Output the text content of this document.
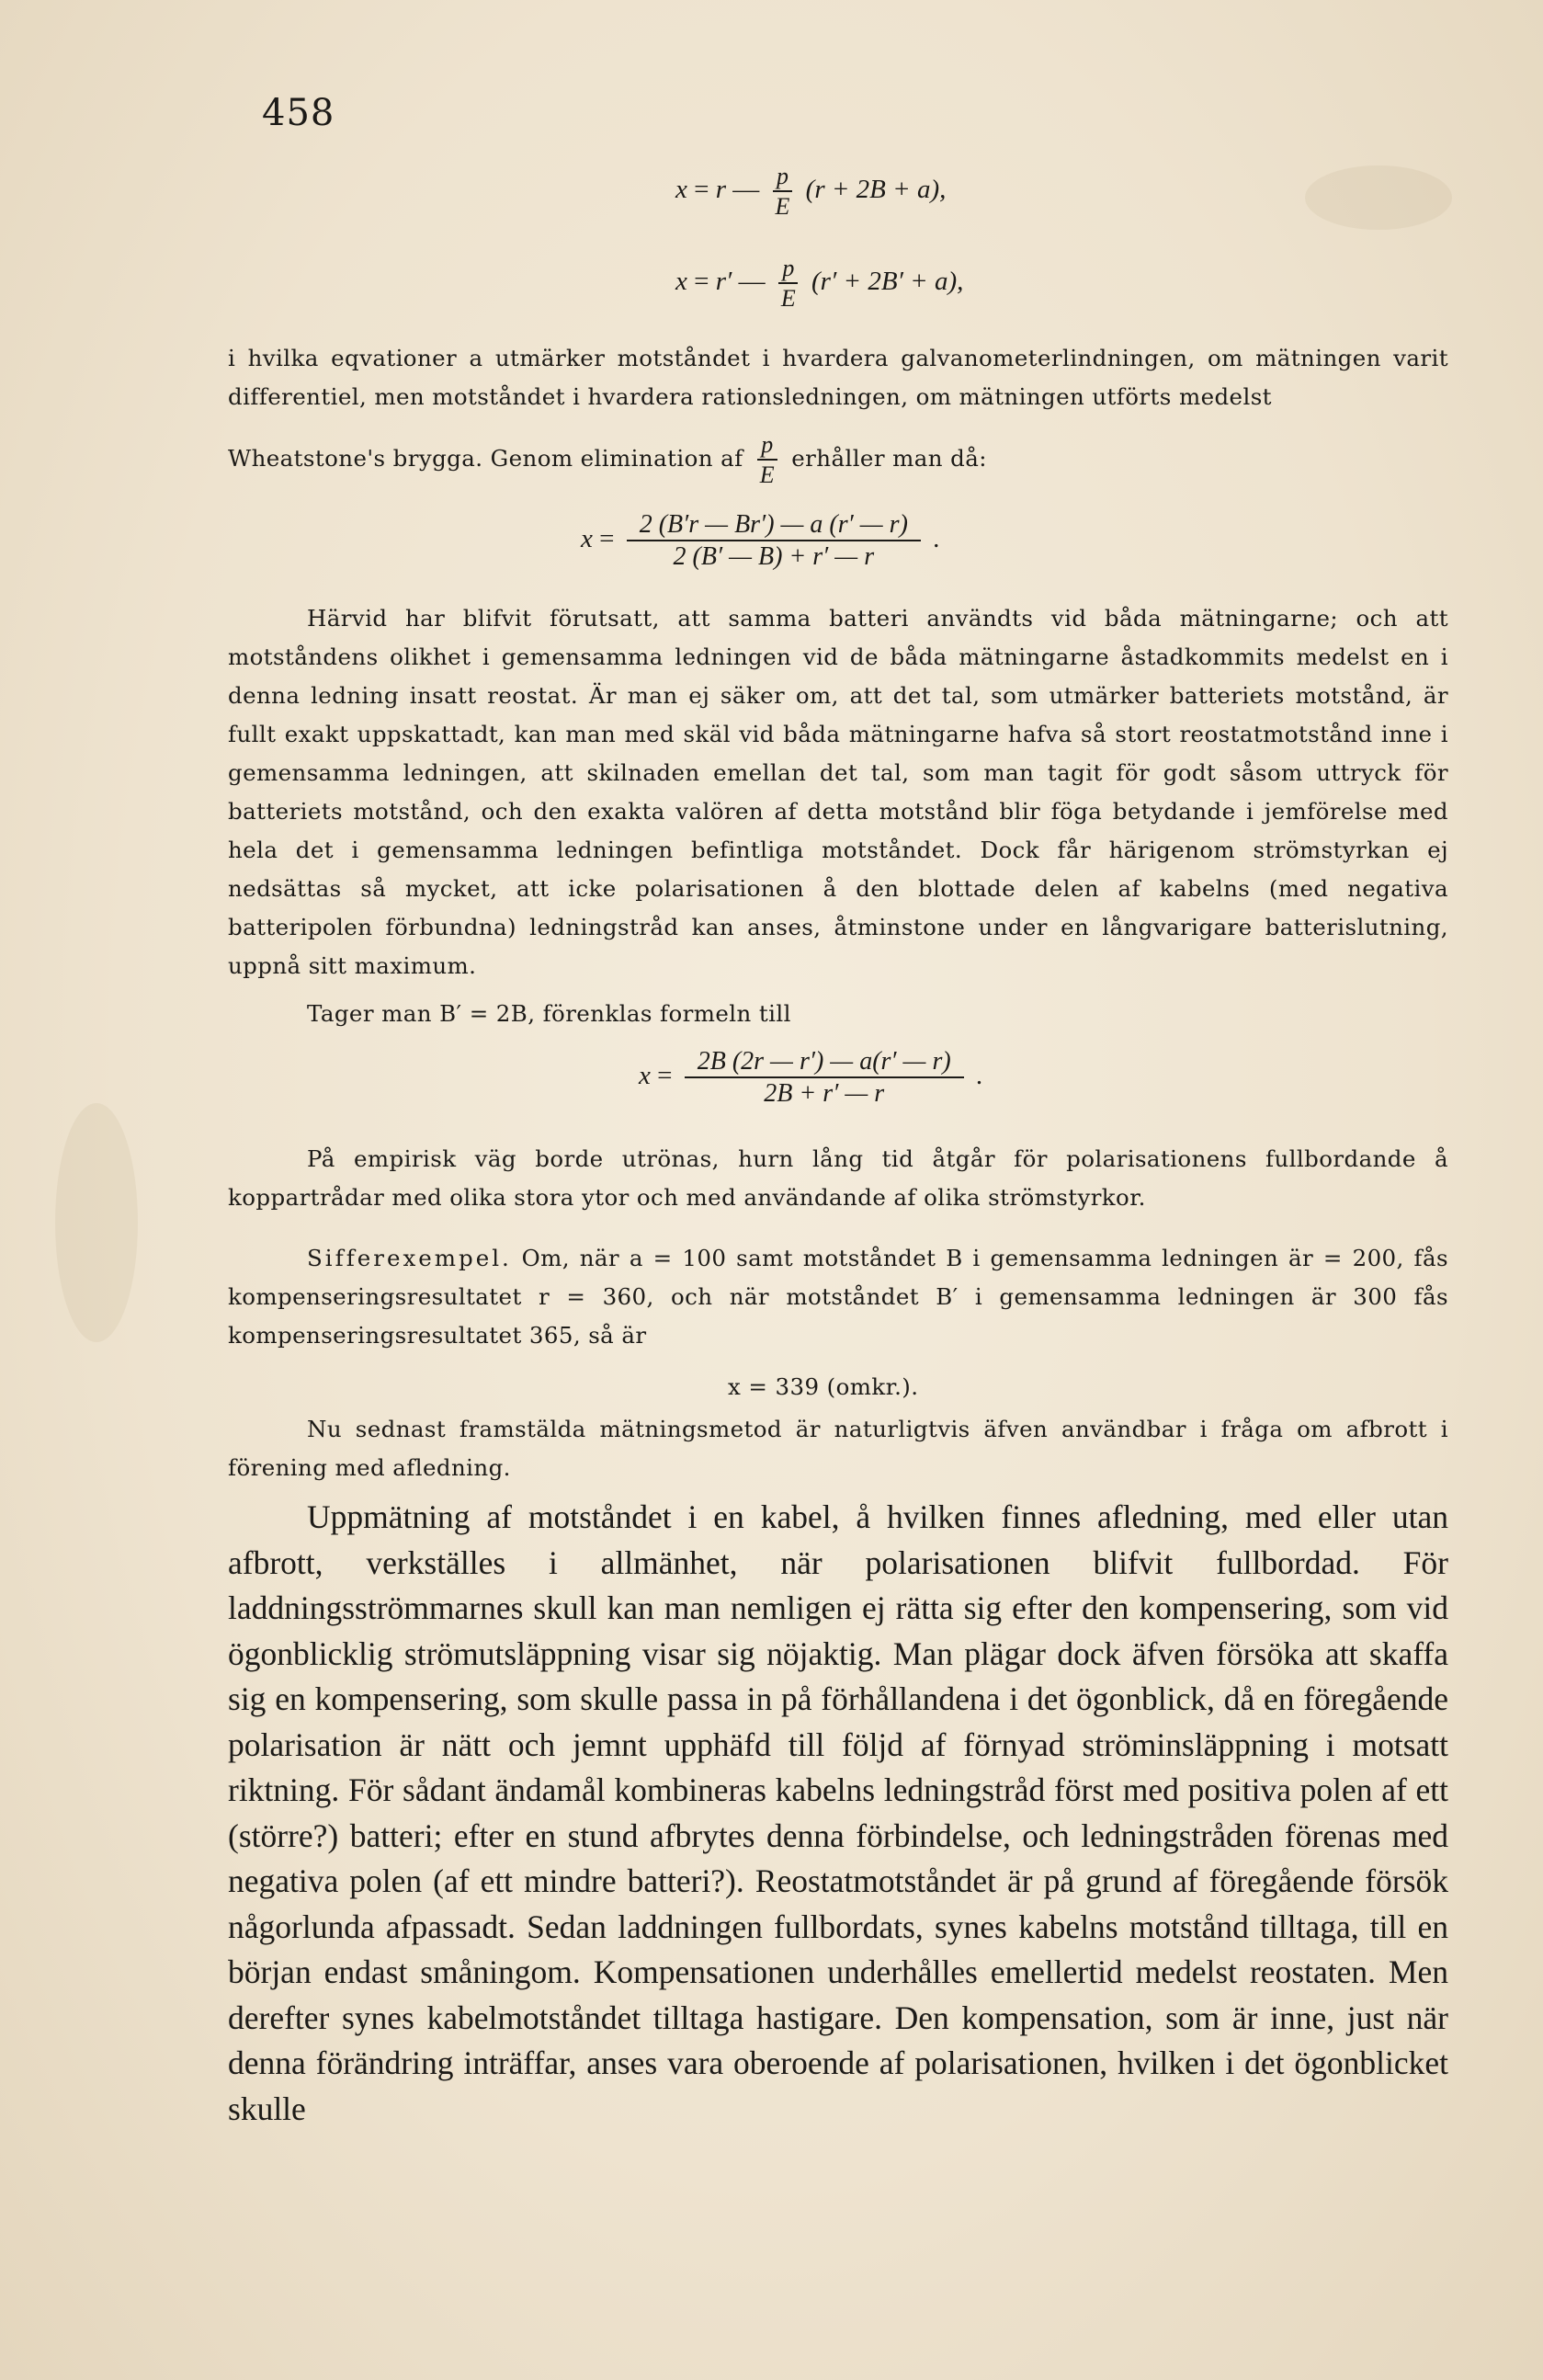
458
x = r — $\frac{p}{E} (r + 2B + a)$,
x = r′ — $\frac{p}{E} (r' + 2B' + a)$,

i hvilka eqvationer a utmärker motståndet i hvardera galvanometerlindningen, om mätningen varit differentiel, men motståndet i hvardera rationsledningen, om mätningen utförts medelst

Wheatstone's brygga. Genom elimination af $\frac{p}{E}$ erhåller man då:
$x = \frac{2 (B'r — Br') — a (r' — r)}{2 (B' — B) + r' — r}$ .

Härvid har blifvit förutsatt, att samma batteri användts vid båda mätningarne; och att motståndens olikhet i gemensamma ledningen vid de båda mätningarne åstadkommits medelst en i denna ledning insatt reostat. Är man ej säker om, att det tal, som utmärker batteriets motstånd, är fullt exakt uppskattadt, kan man med skäl vid båda mätningarne hafva så stort reostatmotstånd inne i gemensamma ledningen, att skilnaden emellan det tal, som man tagit för godt såsom uttryck för batteriets motstånd, och den exakta valören af detta motstånd blir föga betydande i jemförelse med hela det i gemensamma ledningen befintliga motståndet. Dock får härigenom strömstyrkan ej nedsättas så mycket, att icke polarisationen å den blottade delen af kabelns (med negativa batteripolen förbundna) ledningstråd kan anses, åtminstone under en långvarigare batterislutning, uppnå sitt maximum.

Tager man B′ = 2B, förenklas formeln till

$x = \frac{2B (2r — r') — a(r' — r)}{2B + r' — r}$ .

På empirisk väg borde utrönas, hurn lång tid åtgår för polarisationens fullbordande å koppartrådar med olika stora ytor och med användande af olika strömstyrkor.

Sifferexempel. Om, när a = 100 samt motståndet B i gemensamma ledningen är = 200, fås kompenseringsresultatet r = 360, och när motståndet B′ i gemensamma ledningen är 300 fås kompenseringsresultatet 365, så är

x = 339 (omkr.).

Nu sednast framstälda mätningsmetod är naturligtvis äfven användbar i fråga om afbrott i förening med afledning.

Uppmätning af motståndet i en kabel, å hvilken finnes afledning, med eller utan afbrott, verkställes i allmänhet, när polarisationen blifvit fullbordad. För laddningsströmmarnes skull kan man nemligen ej rätta sig efter den kompensering, som vid ögonblicklig strömutsläppning visar sig nöjaktig. Man plägar dock äfven försöka att skaffa sig en kompensering, som skulle passa in på förhållandena i det ögonblick, då en föregående polarisation är nätt och jemnt upphäfd till följd af förnyad ströminsläppning i motsatt riktning. För sådant ändamål kombineras kabelns ledningstråd först med positiva polen af ett (större?) batteri; efter en stund afbrytes denna förbindelse, och ledningstråden förenas med negativa polen (af ett mindre batteri?). Reostatmotståndet är på grund af föregående försök någorlunda afpassadt. Sedan laddningen fullbordats, synes kabelns motstånd tilltaga, till en början endast småningom. Kompensationen underhålles emellertid medelst reostaten. Men derefter synes kabelmotståndet tilltaga hastigare. Den kompensation, som är inne, just när denna förändring inträffar, anses vara oberoende af polarisationen, hvilken i det ögonblicket skulle
